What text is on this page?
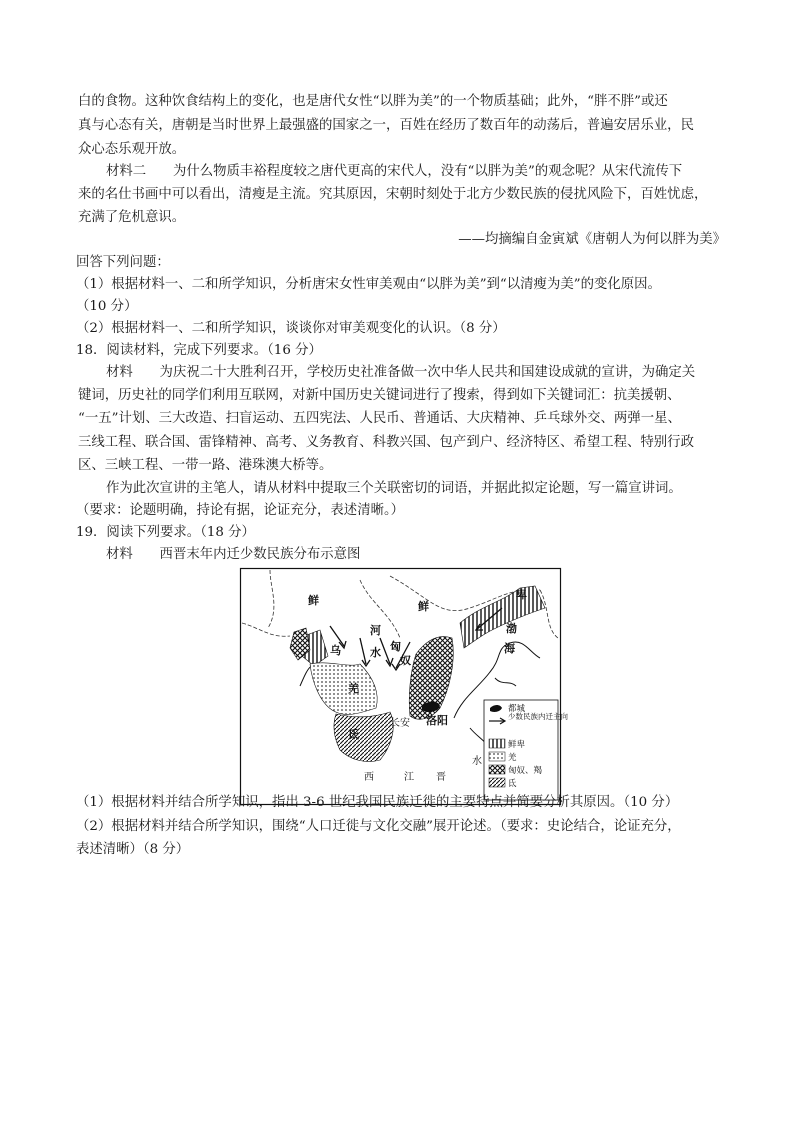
白的食物。这种饮食结构上的变化，也是唐代女性“以胖为美”的一个物质基础；此外，“胖不胖”或还
真与心态有关，唐朝是当时世界上最强盛的国家之一，百姓在经历了数百年的动荡后，普遍安居乐业，民
众心态乐观开放。
材料二　　为什么物质丰裕程度较之唐代更高的宋代人，没有“以胖为美”的观念呢？从宋代流传下
来的名仕书画中可以看出，清瘦是主流。究其原因，宋朝时刻处于北方少数民族的侵扰风险下，百姓忧虑，
充满了危机意识。
——均摘编自金寅斌《唐朝人为何以胖为美》
回答下列问题：
（1）根据材料一、二和所学知识，分析唐宋女性审美观由“以胖为美”到“以清瘦为美”的变化原因。
（10 分）
（2）根据材料一、二和所学知识，谈谈你对审美观变化的认识。（8 分）
18．阅读材料，完成下列要求。（16 分）
材料　　为庆祝二十大胜利召开，学校历史社准备做一次中华人民共和国建设成就的宣讲，为确定关
键词，历史社的同学们利用互联网，对新中国历史关键词进行了搜索，得到如下关键词汇：抗美援朝、
“一五”计划、三大改造、扫盲运动、五四宪法、人民币、普通话、大庆精神、乒乓球外交、两弹一星、
三线工程、联合国、雷锋精神、高考、义务教育、科教兴国、包产到户、经济特区、希望工程、特别行政
区、三峡工程、一带一路、港珠澳大桥等。
作为此次宣讲的主笔人，请从材料中提取三个关联密切的词语，并据此拟定论题，写一篇宣讲词。
（要求：论题明确，持论有据，论证充分，表述清晰。）
19．阅读下列要求。（18 分）
材料　　西晋末年内迁少数民族分布示意图
鲜
卑
乌
鲜
河
水 匈
奴
羌
氐
长安 洛阳
西	江 晋
水
渤
海
都城
少数民族内迁主向
鲜卑
羌
匈奴、羯
氐
（1）根据材料并结合所学知识，指出 3-6 世纪我国民族迁徙的主要特点并简要分析其原因。（10 分）
（2）根据材料并结合所学知识，围绕“人口迁徙与文化交融”展开论述。（要求：史论结合，论证充分，
表述清晰）（8 分）
